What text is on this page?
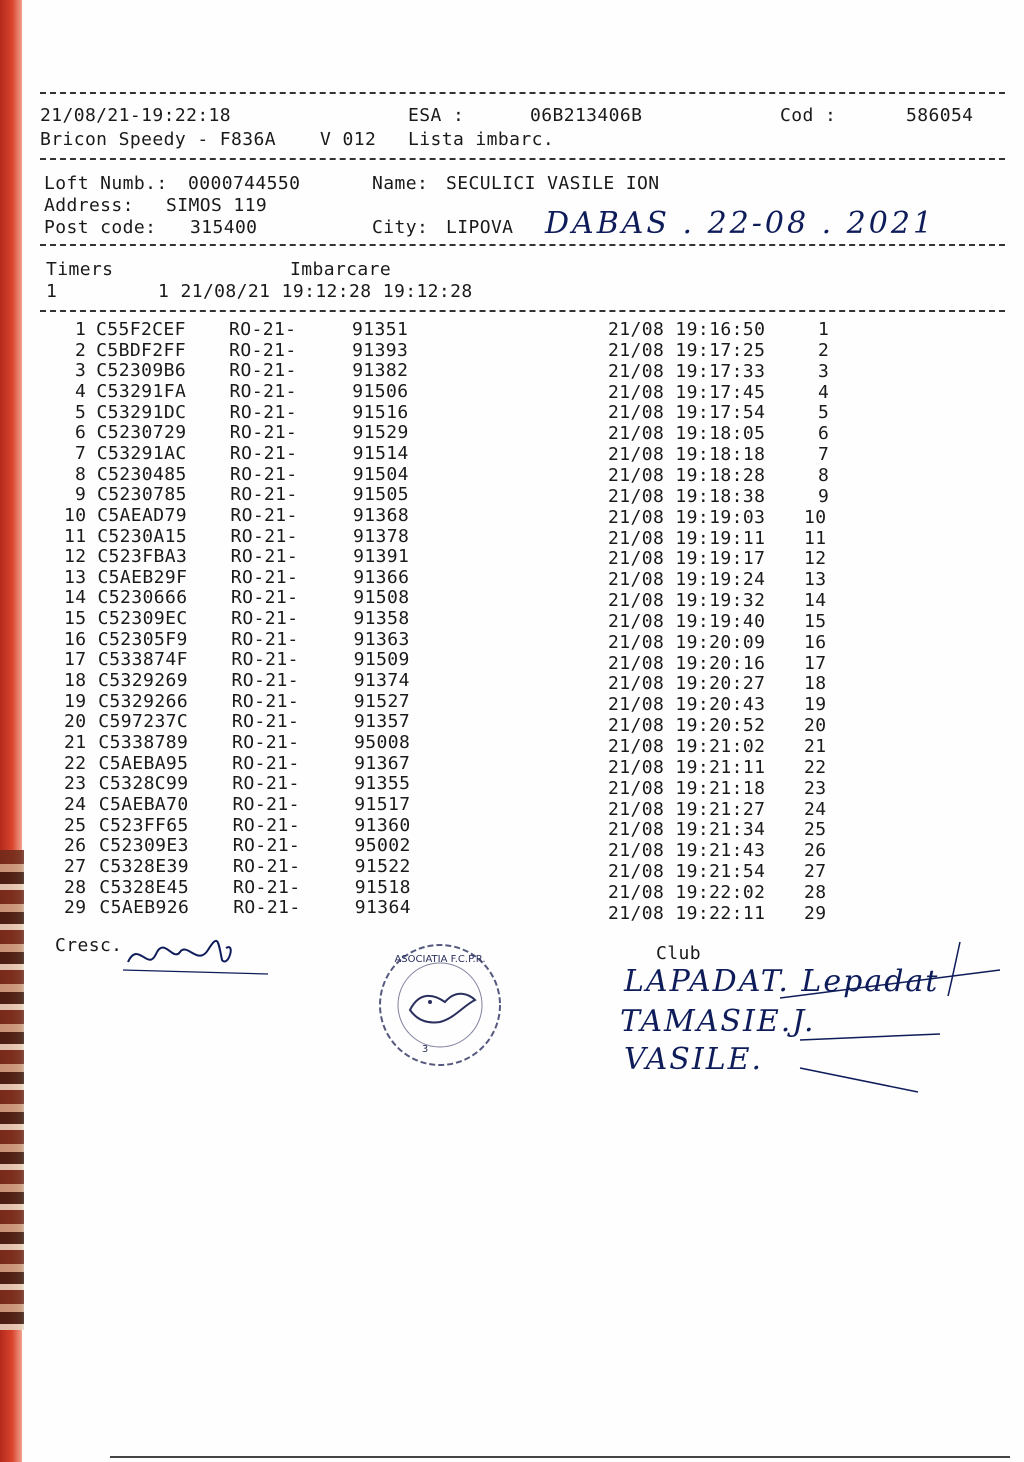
21/08/21-19:22:18	ESA :	06B213406B	Cod :	586054
Bricon Speedy - F836A V 012 Lista imbarc.
Loft Numb.: 0000744550	Name: SECULICI VASILE ION
Address: SIMOS 119
Post code: 315400	City: LIPOVA DABAS . 22-08 . 2021
Timers	Imbarcare
1	1 21/08/21 19:12:28 19:12:28
1 C55F2CEF RO-21-	91351	21/08 19:16:50	1
2 C5BDF2FF RO-21-	91393	21/08 19:17:25	2
3 C52309B6 RO-21-	91382	21/08 19:17:33	3
4 C53291FA RO-21-	91506	21/08 19:17:45	4
5 C53291DC RO-21-	91516	21/08 19:17:54	5
6 C5230729 RO-21-	91529	21/08 19:18:05	6
7 C53291AC RO-21-	91514	21/08 19:18:18	7
8 C5230485 RO-21-	91504	21/08 19:18:28	8
9 C5230785 RO-21-	91505	21/08 19:18:38	9
10 C5AEAD79 RO-21-	91368	21/08 19:19:03 10
11 C5230A15 RO-21-	91378	21/08 19:19:11 11
12 C523FBA3 RO-21-	91391	21/08 19:19:17 12
13 C5AEB29F RO-21-	91366	21/08 19:19:24 13
14 C5230666 RO-21-	91508	21/08 19:19:32 14
15 C52309EC RO-21-	91358	21/08 19:19:40 15
16 C52305F9 RO-21-	91363	21/08 19:20:09 16
17 C533874F RO-21-	91509	21/08 19:20:16 17
18 C5329269 RO-21-	91374	21/08 19:20:27 18
19 C5329266 RO-21-	91527	21/08 19:20:43 19
20 C597237C RO-21-	91357	21/08 19:20:52 20
21 C5338789 RO-21-	95008	21/08 19:21:02 21
22 C5AEBA95 RO-21-	91367	21/08 19:21:11 22
23 C5328C99 RO-21-	91355	21/08 19:21:18 23
24 C5AEBA70 RO-21-	91517	21/08 19:21:27 24
25 C523FF65 RO-21-	91360	21/08 19:21:34 25
26 C52309E3 RO-21-	95002	21/08 19:21:43 26
27 C5328E39 RO-21-	91522	21/08 19:21:54 27
28 C5328E45 RO-21-	91518	21/08 19:22:02 28
29 C5AEB926 RO-21-	91364	21/08 19:22:11 29
Cresc.
ASOCIATIA F.C.P.R.
3
Club
LAPADAT. Lepadat
TAMASIE.J.
VASILE.
